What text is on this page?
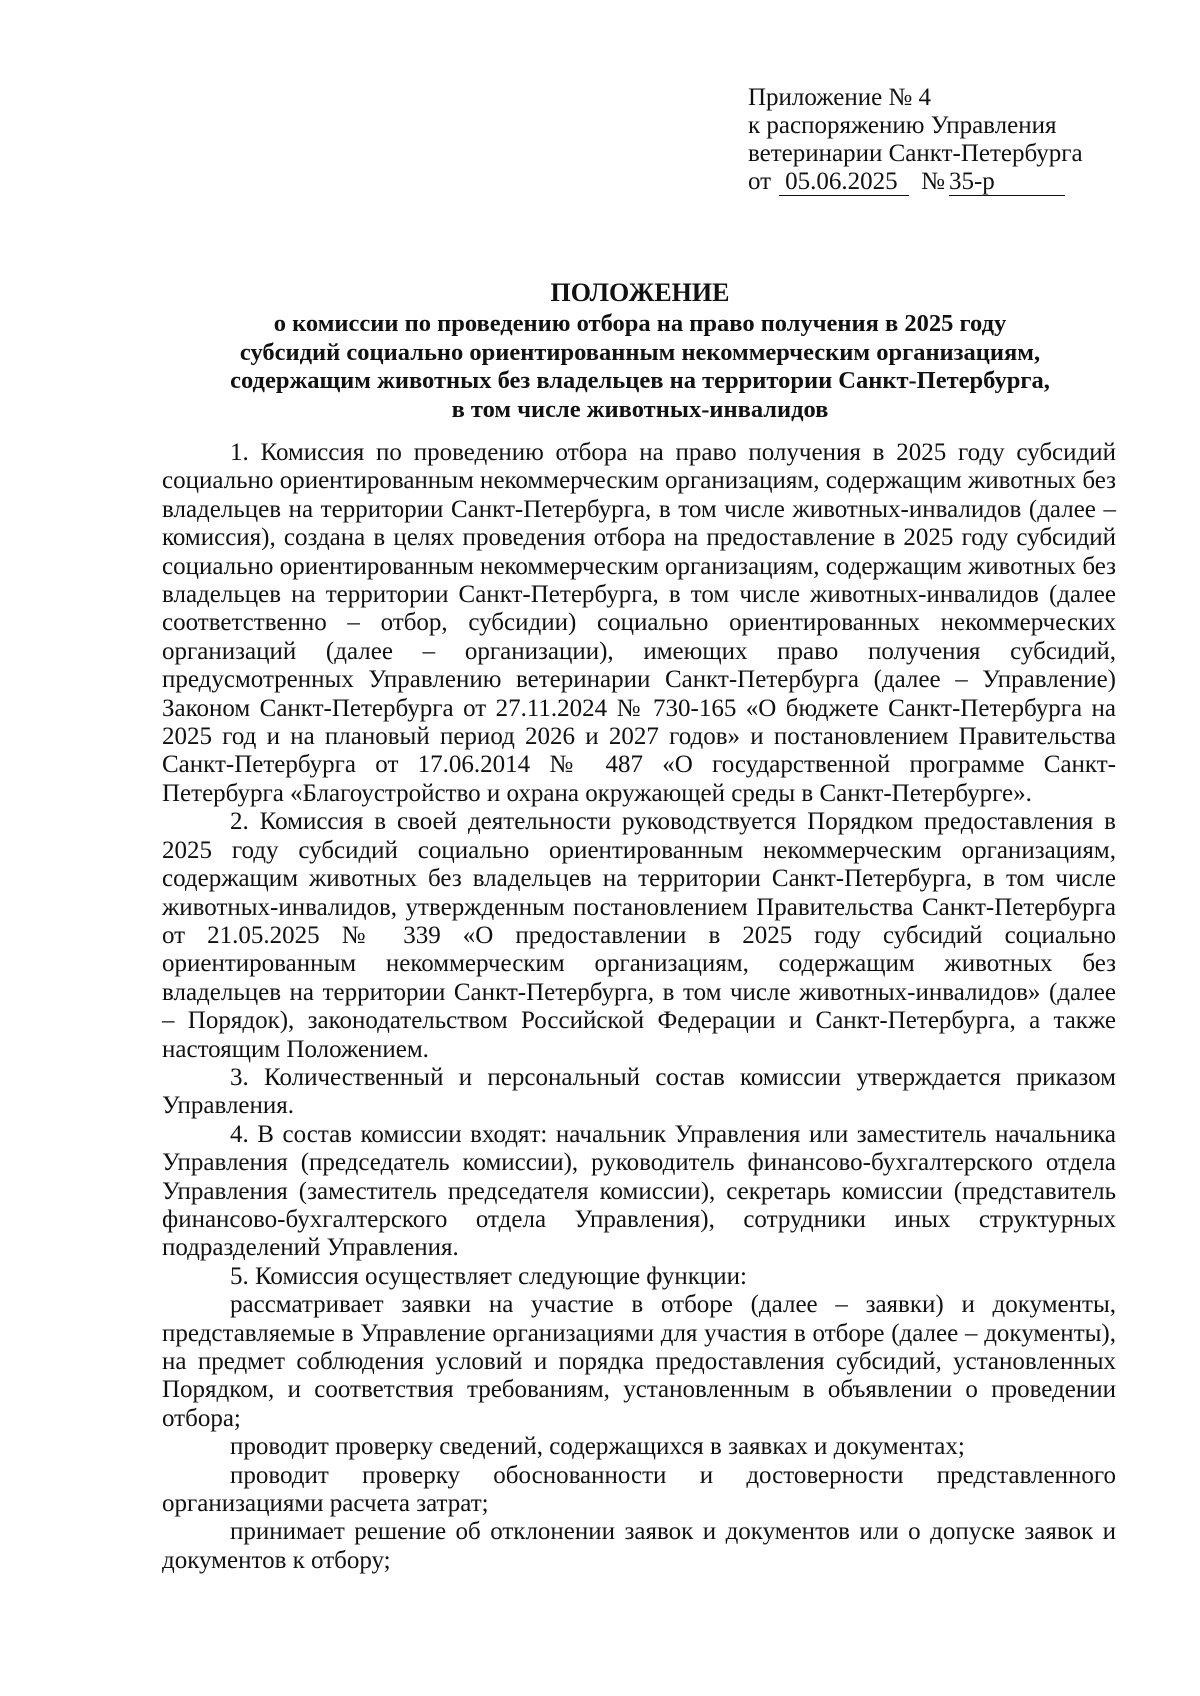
Приложение № 4
к распоряжению Управления
ветеринарии Санкт-Петербурга
от 05.06.2025 № 35-р
ПОЛОЖЕНИЕ
о комиссии по проведению отбора на право получения в 2025 году
субсидий социально ориентированным некоммерческим организациям,
содержащим животных без владельцев на территории Санкт-Петербурга,
в том числе животных-инвалидов

1. Комиссия по проведению отбора на право получения в 2025 году субсидий социально ориентированным некоммерческим организациям, содержащим животных без владельцев на территории Санкт-Петербурга, в том числе животных-инвалидов (далее – комиссия), создана в целях проведения отбора на предоставление в 2025 году субсидий социально ориентированным некоммерческим организациям, содержащим животных без владельцев на территории Санкт-Петербурга, в том числе животных-инвалидов (далее соответственно – отбор, субсидии) социально ориентированных некоммерческих организаций (далее – организации), имеющих право получения субсидий, предусмотренных Управлению ветеринарии Санкт-Петербурга (далее – Управление) Законом Санкт-Петербурга от 27.11.2024 № 730-165 «О бюджете Санкт-Петербурга на 2025 год и на плановый период 2026 и 2027 годов» и постановлением Правительства Санкт-Петербурга от 17.06.2014 № 487 «О государственной программе Санкт-Петербурга «Благоустройство и охрана окружающей среды в Санкт-Петербурге».

2. Комиссия в своей деятельности руководствуется Порядком предоставления в 2025 году субсидий социально ориентированным некоммерческим организациям, содержащим животных без владельцев на территории Санкт-Петербурга, в том числе животных-инвалидов, утвержденным постановлением Правительства Санкт-Петербурга от 21.05.2025 № 339 «О предоставлении в 2025 году субсидий социально ориентированным некоммерческим организациям, содержащим животных без владельцев на территории Санкт-Петербурга, в том числе животных-инвалидов» (далее – Порядок), законодательством Российской Федерации и Санкт-Петербурга, а также настоящим Положением.

3. Количественный и персональный состав комиссии утверждается приказом Управления.

4. В состав комиссии входят: начальник Управления или заместитель начальника Управления (председатель комиссии), руководитель финансово-бухгалтерского отдела Управления (заместитель председателя комиссии), секретарь комиссии (представитель финансово-бухгалтерского отдела Управления), сотрудники иных структурных подразделений Управления.

5. Комиссия осуществляет следующие функции:

рассматривает заявки на участие в отборе (далее – заявки) и документы, представляемые в Управление организациями для участия в отборе (далее – документы), на предмет соблюдения условий и порядка предоставления субсидий, установленных Порядком, и соответствия требованиям, установленным в объявлении о проведении отбора;

проводит проверку сведений, содержащихся в заявках и документах;

проводит проверку обоснованности и достоверности представленного организациями расчета затрат;

принимает решение об отклонении заявок и документов или о допуске заявок и документов к отбору;
